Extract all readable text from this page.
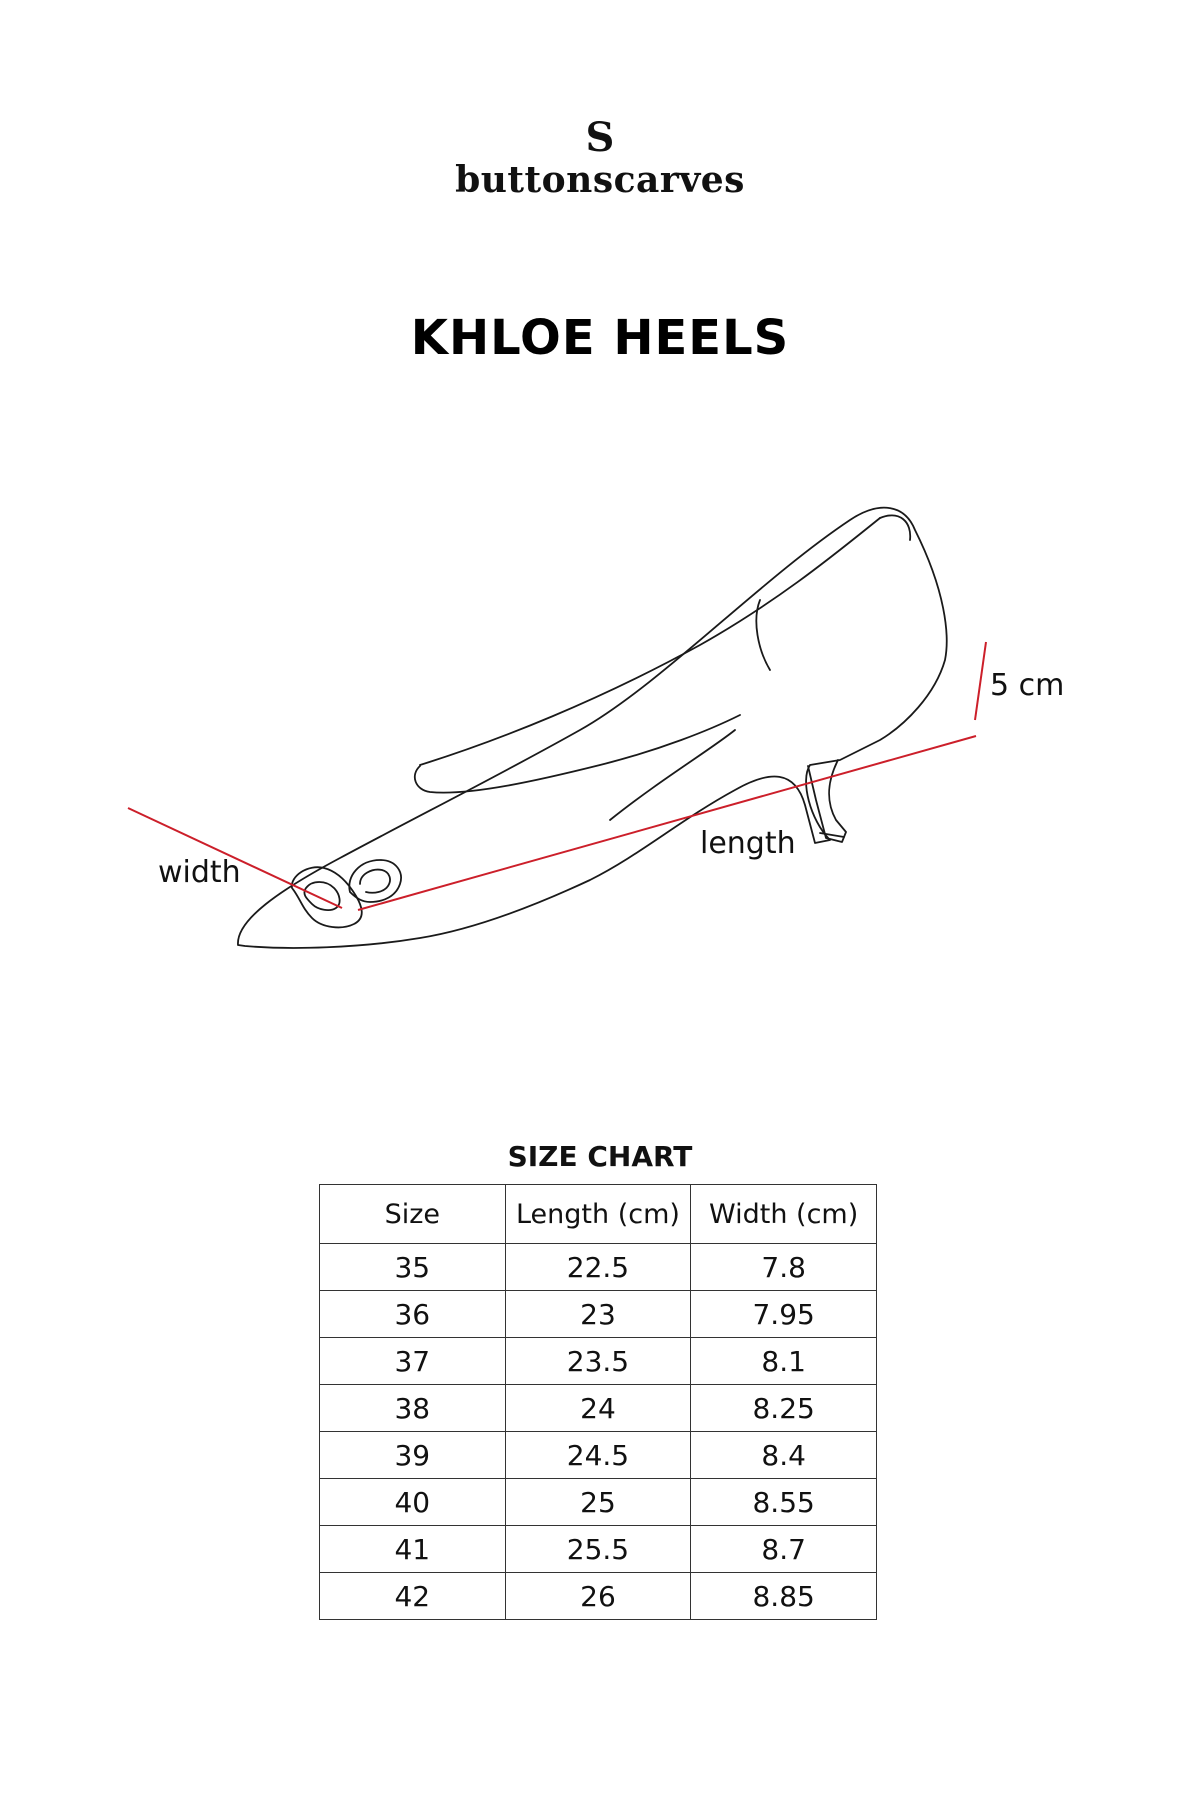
S
buttonscarves
KHLOE HEELS
5 cm
length
width
SIZE CHART
Size	Length (cm)	Width (cm)
35	22.5	7.8
36	23	7.95
37	23.5	8.1
38	24	8.25
39	24.5	8.4
40	25	8.55
41	25.5	8.7
42	26	8.85
